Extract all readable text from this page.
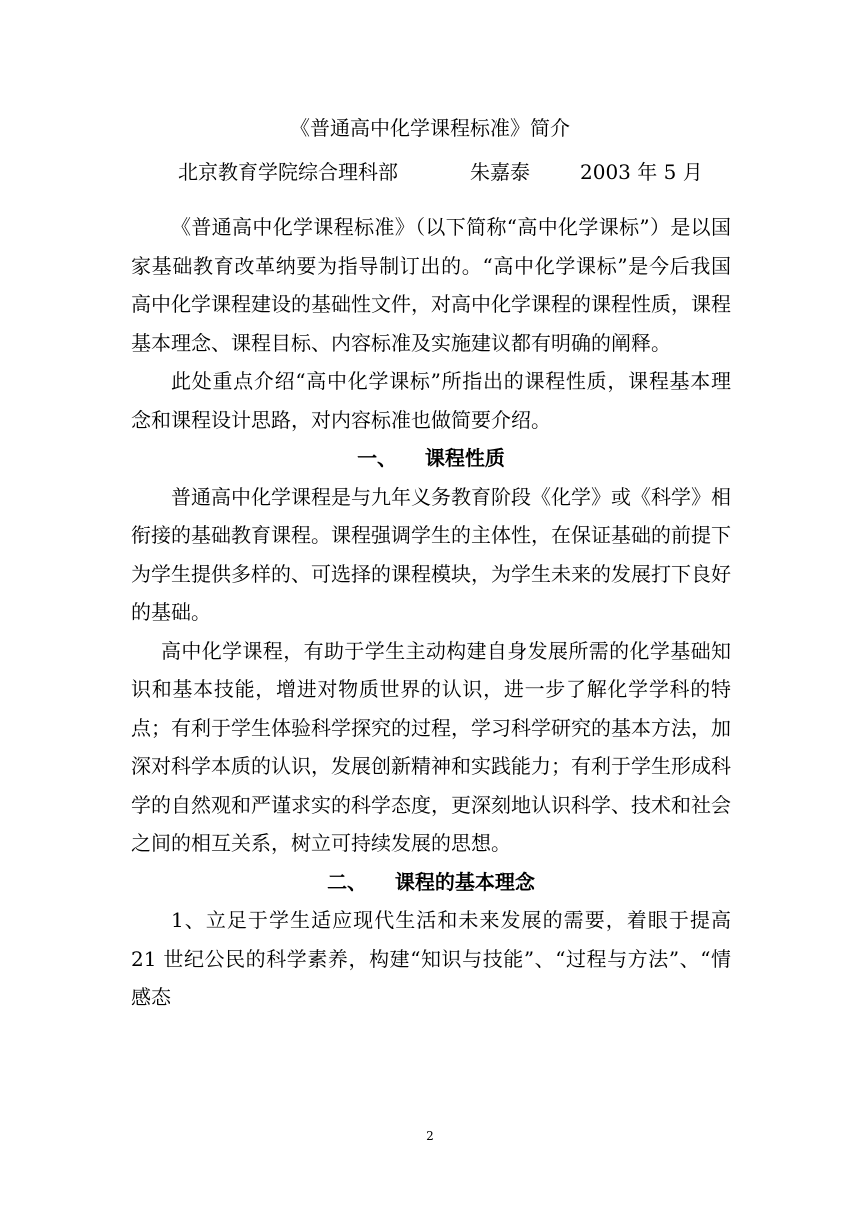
《普通高中化学课程标准》简介
北京教育学院综合理科部	朱嘉泰	2003 年 5 月

《普通高中化学课程标准》（以下简称“高中化学课标”）是以国家基础教育改革纳要为指导制订出的。“高中化学课标”是今后我国高中化学课程建设的基础性文件，对高中化学课程的课程性质，课程基本理念、课程目标、内容标准及实施建议都有明确的阐释。

此处重点介绍“高中化学课标”所指出的课程性质，课程基本理念和课程设计思路，对内容标准也做简要介绍。

一、    课程性质

普通高中化学课程是与九年义务教育阶段《化学》或《科学》相衔接的基础教育课程。课程强调学生的主体性，在保证基础的前提下为学生提供多样的、可选择的课程模块，为学生未来的发展打下良好的基础。

高中化学课程，有助于学生主动构建自身发展所需的化学基础知识和基本技能，增进对物质世界的认识，进一步了解化学学科的特点；有利于学生体验科学探究的过程，学习科学研究的基本方法，加深对科学本质的认识，发展创新精神和实践能力；有利于学生形成科学的自然观和严谨求实的科学态度，更深刻地认识科学、技术和社会之间的相互关系，树立可持续发展的思想。

二、    课程的基本理念

1、立足于学生适应现代生活和未来发展的需要，着眼于提高 21 世纪公民的科学素养，构建“知识与技能”、“过程与方法”、“情感态

2
